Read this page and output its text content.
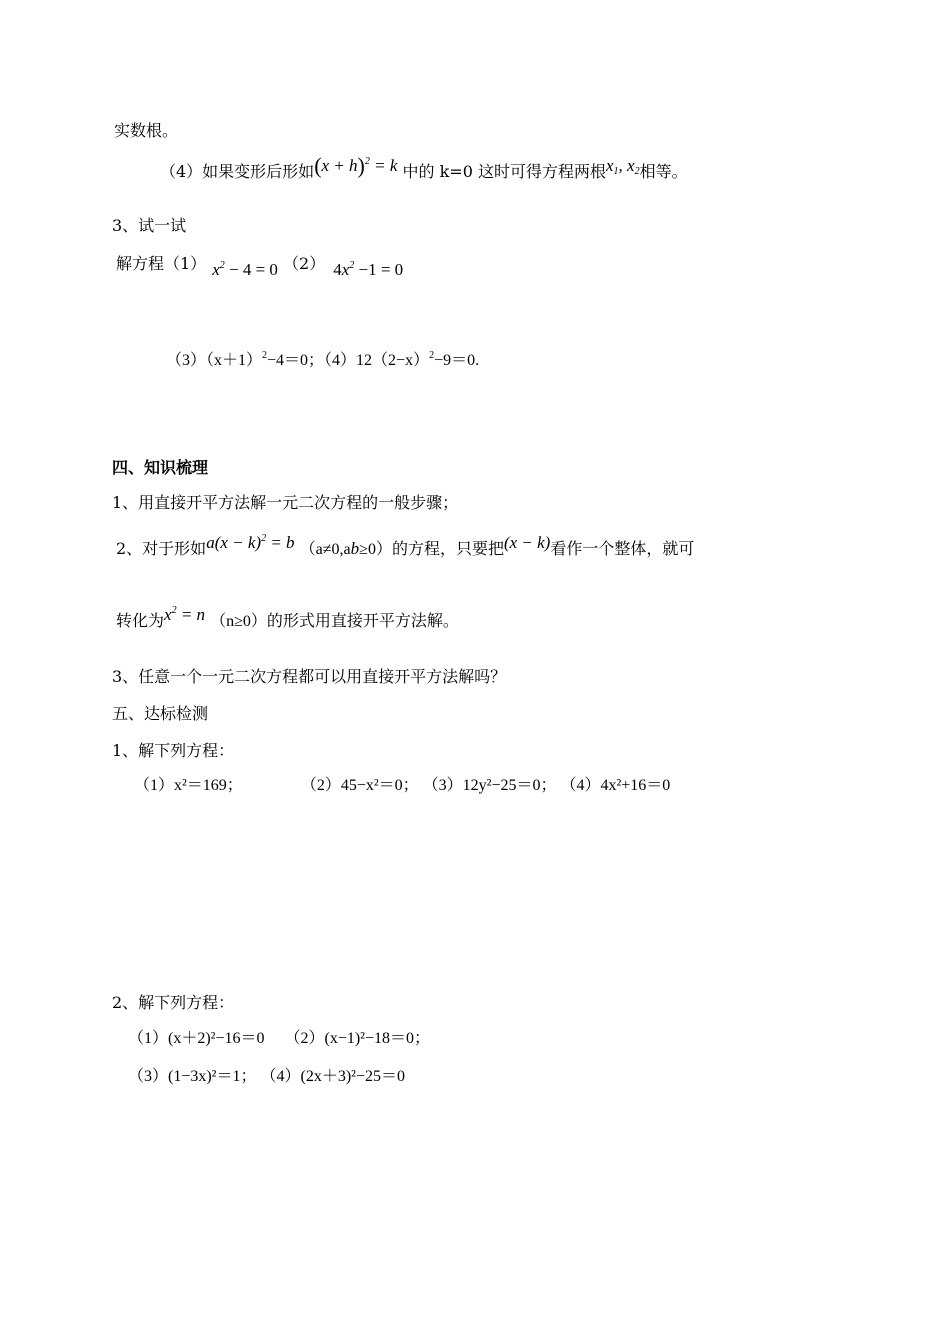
实数根。
（4）如果变形后形如$(x + h)^2 = k$ 中的 k=0 这时可得方程两根$x_1$, $x_2$相等。
3、试一试
解方程（1） $x^2 - 4 = 0$ （2） $4x^2 -1 = 0$
$(3)(x+1)^2-4=0$；$(4)12(2-x)^2-9=0$.
四、知识梳理
1、用直接开平方法解一元二次方程的一般步骤；
2、对于形如$a(x - k)^2 = b$ （a≠0,ab≥0）的方程，只要把(x − k)看作一个整体，就可
转化为$x^2 = n$ （n≥0）的形式用直接开平方法解。
3、任意一个一元二次方程都可以用直接开平方法解吗？
五、达标检测
1、解下列方程：
（1）x²＝169；	（2）45−x²＝0； （3）12y²−25＝0； （4）4x²+16＝0
2、解下列方程：
（1）(x＋2)²−16＝0 （2）(x−1)²−18＝0；
（3）(1−3x)²＝1； （4）(2x＋3)²−25＝0
